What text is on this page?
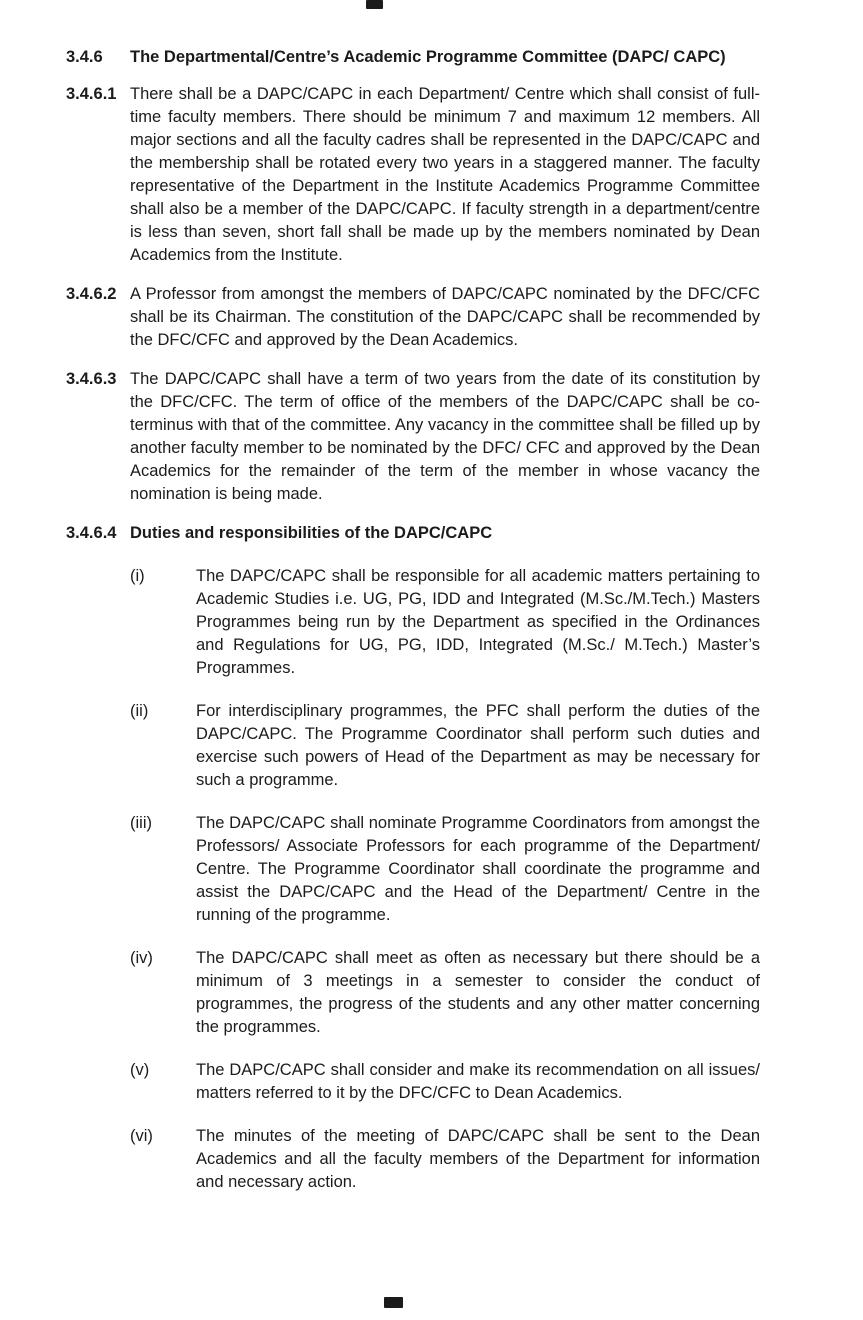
3.4.6	The Departmental/Centre’s Academic Programme Committee (DAPC/ CAPC)
3.4.6.1 There shall be a DAPC/CAPC in each Department/ Centre which shall consist of full-time faculty members. There should be minimum 7 and maximum 12 members. All major sections and all the faculty cadres shall be represented in the DAPC/CAPC and the membership shall be rotated every two years in a staggered manner. The faculty representative of the Department in the Institute Academics Programme Committee shall also be a member of the DAPC/CAPC. If faculty strength in a department/centre is less than seven, short fall shall be made up by the members nominated by Dean Academics from the Institute.
3.4.6.2 A Professor from amongst the members of DAPC/CAPC nominated by the DFC/CFC shall be its Chairman. The constitution of the DAPC/CAPC shall be recommended by the DFC/CFC and approved by the Dean Academics.
3.4.6.3 The DAPC/CAPC shall have a term of two years from the date of its constitution by the DFC/CFC. The term of office of the members of the DAPC/CAPC shall be co-terminus with that of the committee. Any vacancy in the committee shall be filled up by another faculty member to be nominated by the DFC/ CFC and approved by the Dean Academics for the remainder of the term of the member in whose vacancy the nomination is being made.
3.4.6.4 Duties and responsibilities of the DAPC/CAPC
(i)	The DAPC/CAPC shall be responsible for all academic matters pertaining to Academic Studies i.e. UG, PG, IDD and Integrated (M.Sc./M.Tech.) Masters Programmes being run by the Department as specified in the Ordinances and Regulations for UG, PG, IDD, Integrated (M.Sc./ M.Tech.) Master’s Programmes.
(ii)	For interdisciplinary programmes, the PFC shall perform the duties of the DAPC/CAPC. The Programme Coordinator shall perform such duties and exercise such powers of Head of the Department as may be necessary for such a programme.
(iii)	The DAPC/CAPC shall nominate Programme Coordinators from amongst the Professors/ Associate Professors for each programme of the Department/ Centre. The Programme Coordinator shall coordinate the programme and assist the DAPC/CAPC and the Head of the Department/ Centre in the running of the programme.
(iv)	The DAPC/CAPC shall meet as often as necessary but there should be a minimum of 3 meetings in a semester to consider the conduct of programmes, the progress of the students and any other matter concerning the programmes.
(v)	The DAPC/CAPC shall consider and make its recommendation on all issues/ matters referred to it by the DFC/CFC to Dean Academics.
(vi)	The minutes of the meeting of DAPC/CAPC shall be sent to the Dean Academics and all the faculty members of the Department for information and necessary action.
